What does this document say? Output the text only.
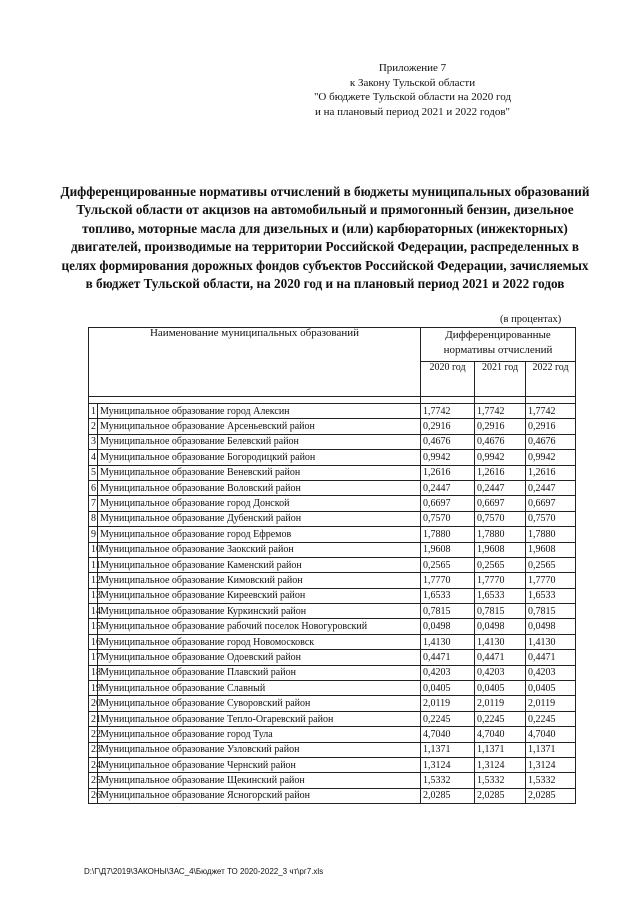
Приложение 7
к Закону Тульской области
"О бюджете Тульской области на 2020 год
и на плановый период 2021 и 2022 годов"
Дифференцированные нормативы отчислений в бюджеты муниципальных образований Тульской области от акцизов на автомобильный и прямогонный бензин, дизельное топливо, моторные масла для дизельных и (или) карбюраторных (инжекторных) двигателей, производимые на территории Российской Федерации, распределенных в целях формирования дорожных фондов субъектов Российской Федерации, зачисляемых в бюджет Тульской области, на 2020 год и на плановый период 2021 и 2022 годов
(в процентах)
Наименование муниципальных образований		Дифференцированные нормативы отчислений		

		2020 год	2021 год	2022 год

1	Муниципальное образование город Алексин	1,7742	1,7742	1,7742
2	Муниципальное образование Арсеньевский район	0,2916	0,2916	0,2916
3	Муниципальное образование Белевский район	0,4676	0,4676	0,4676
4	Муниципальное образование Богородицкий район	0,9942	0,9942	0,9942
5	Муниципальное образование Веневский район	1,2616	1,2616	1,2616
6	Муниципальное образование Воловский район	0,2447	0,2447	0,2447
7	Муниципальное образование город Донской	0,6697	0,6697	0,6697
8	Муниципальное образование Дубенский район	0,7570	0,7570	0,7570
9	Муниципальное образование город Ефремов	1,7880	1,7880	1,7880
10	Муниципальное образование Заокский район	1,9608	1,9608	1,9608
11	Муниципальное образование Каменский район	0,2565	0,2565	0,2565
12	Муниципальное образование Кимовский район	1,7770	1,7770	1,7770
13	Муниципальное образование Киреевский район	1,6533	1,6533	1,6533
14	Муниципальное образование Куркинский район	0,7815	0,7815	0,7815
15	Муниципальное образование рабочий поселок Новогуровский	0,0498	0,0498	0,0498
16	Муниципальное образование город Новомосковск	1,4130	1,4130	1,4130
17	Муниципальное образование Одоевский район	0,4471	0,4471	0,4471
18	Муниципальное образование Плавский район	0,4203	0,4203	0,4203
19	Муниципальное образование Славный	0,0405	0,0405	0,0405
20	Муниципальное образование Суворовский район	2,0119	2,0119	2,0119
21	Муниципальное образование Тепло-Огаревский район	0,2245	0,2245	0,2245
22	Муниципальное образование город Тула	4,7040	4,7040	4,7040
23	Муниципальное образование Узловский район	1,1371	1,1371	1,1371
24	Муниципальное образование Чернский район	1,3124	1,3124	1,3124
25	Муниципальное образование Щекинский район	1,5332	1,5332	1,5332
26	Муниципальное образование Ясногорский район	2,0285	2,0285	2,0285
D:\Г\Д7\2019\ЗАКОНЫ\ЗАС_4\Бюджет ТО 2020-2022_3 чт\рг7.xls
